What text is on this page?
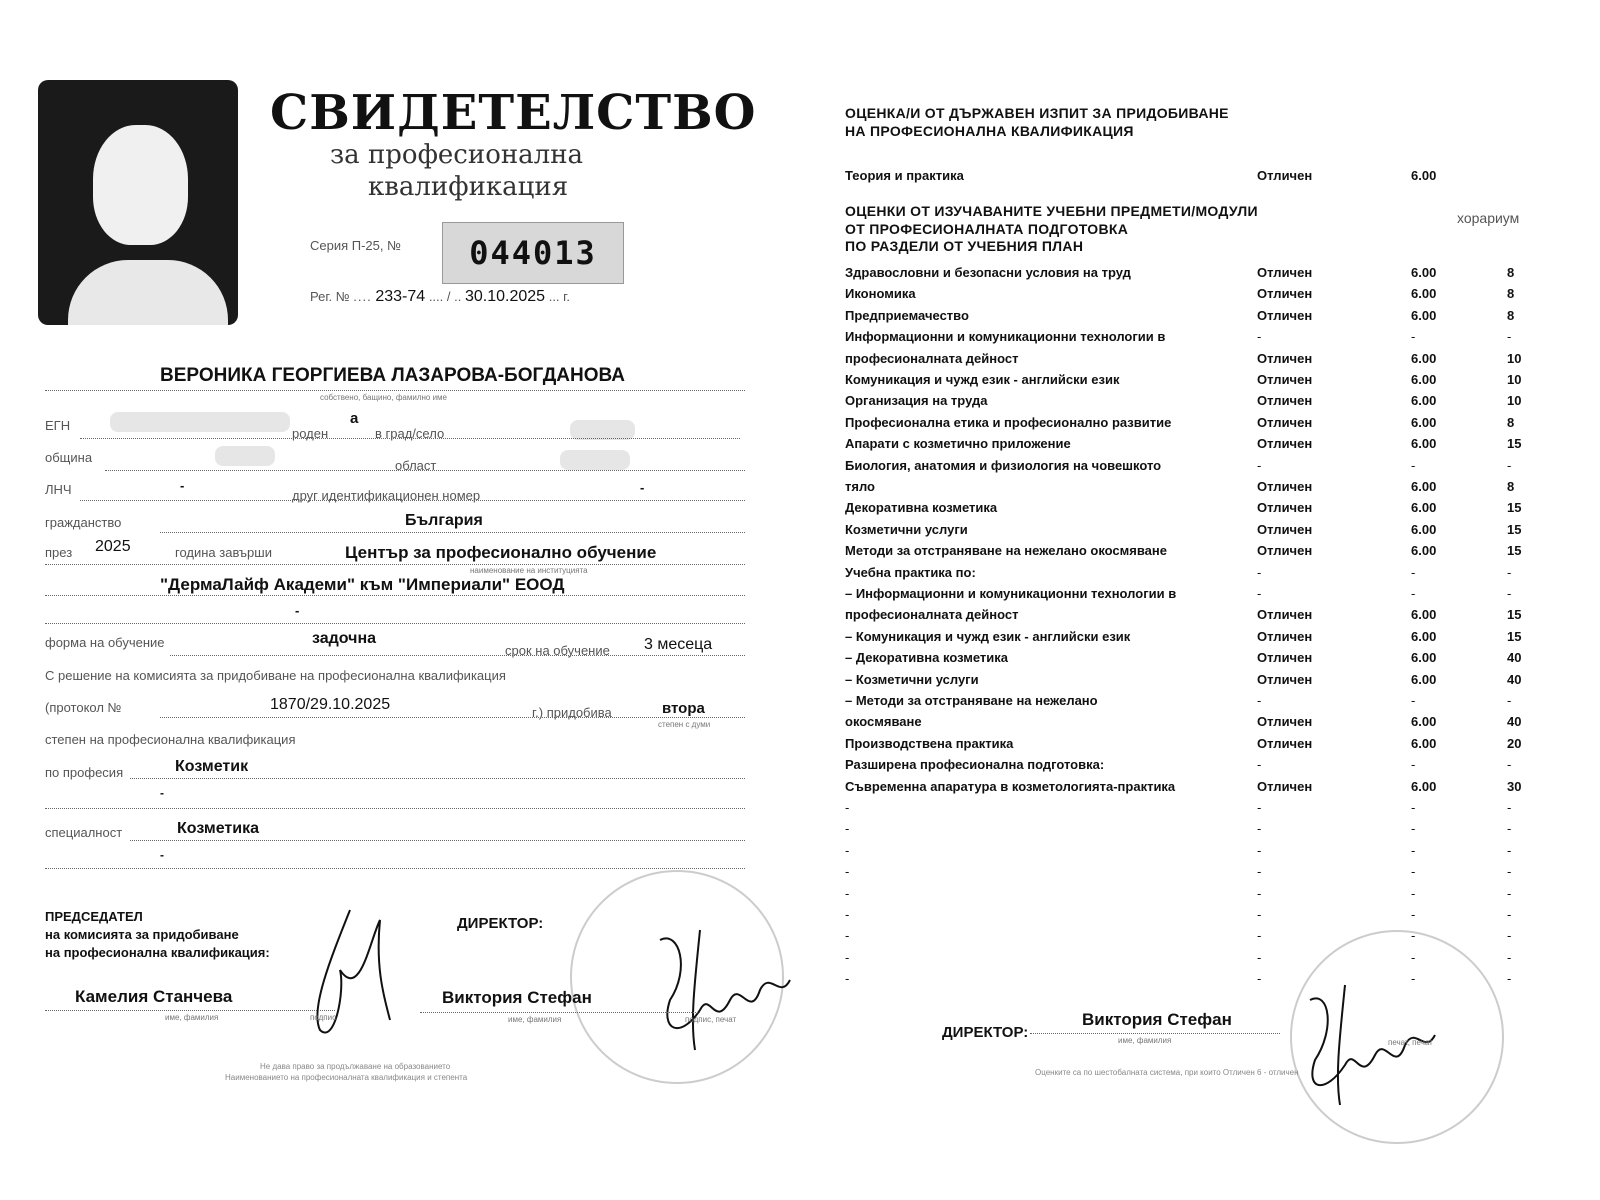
СВИДЕТЕЛСТВО
за професионална
квалификация
Серия П-25, №	044013
Рег. № .... 233-74 .... / .. 30.10.2025 ... г.
ВЕРОНИКА ГЕОРГИЕВА ЛАЗАРОВА-БОГДАНОВА
собствено, бащино, фамилно име
ЕГН	а
роден	в град/село
община
област
ЛНЧ	-
друг идентификационен номер
-
гражданство	България
през 2025	година завърши	Център за професионално обучение
наименование на институцията
"ДермаЛайф Академи" към "Империали" ЕООД
-
форма на обучение	задочна
срок на обучение 3 месеца
С решение на комисията за придобиване на професионална квалификация
(протокол №	1870/29.10.2025	г.) придобива	втора
степен с думи
степен на професионална квалификация
по професия	Козметик
-
специалност	Козметика
-
ПРЕДСЕДАТЕЛ
на комисията за придобиване
на професионална квалификация:
ДИРЕКТОР:
Камелия Станчева
име, фамилия	подпис
Виктория Стефан
име, фамилия	подпис, печат
Не дава право за продължаване на образованието
Наименованието на професионалната квалификация и степента
ОЦЕНКА/И ОТ ДЪРЖАВЕН ИЗПИТ ЗА ПРИДОБИВАНЕ
НА ПРОФЕСИОНАЛНА КВАЛИФИКАЦИЯ
Теория и практика	Отличен	6.00
ОЦЕНКИ ОТ ИЗУЧАВАНИТЕ УЧЕБНИ ПРЕДМЕТИ/МОДУЛИ
ОТ ПРОФЕСИОНАЛНАТА ПОДГОТОВКА
ПО РАЗДЕЛИ ОТ УЧЕБНИЯ ПЛАН
хорариум
Здравословни и безопасни условия на труд	Отличен	6.00	8
Икономика	Отличен	6.00	8
Предприемачество	Отличен	6.00	8
Информационни и комуникационни технологии в	-	-	-
професионалната дейност	Отличен	6.00	10
Комуникация и чужд език - английски език	Отличен	6.00	10
Организация на труда	Отличен	6.00	10
Професионална етика и професионално развитие	Отличен	6.00	8
Апарати с козметично приложение	Отличен	6.00	15
Биология, анатомия и физиология на човешкото	-	-	-
тяло	Отличен	6.00	8
Декоративна козметика	Отличен	6.00	15
Козметични услуги	Отличен	6.00	15
Методи за отстраняване на нежелано окосмяване	Отличен	6.00	15
Учебна практика по:	-	-	-
– Информационни и комуникационни технологии в	-	-	-
професионалната дейност	Отличен	6.00	15
– Комуникация и чужд език - английски език	Отличен	6.00	15
– Декоративна козметика	Отличен	6.00	40
– Козметични услуги	Отличен	6.00	40
– Методи за отстраняване на нежелано	-	-	-
окосмяване	Отличен	6.00	40
Производствена практика	Отличен	6.00	20
Разширена професионална подготовка:	-	-	-
Съвременна апаратура в козметологията-практика	Отличен	6.00	30
-	-	-	-
-	-	-	-
-	-	-	-
-	-	-	-
-	-	-	-
-	-	-	-
-	-	-	-
-	-	-	-
-	-	-	-
ДИРЕКТОР:
Виктория Стефан
име, фамилия	печат, печат
Оценките са по шестобалната система, при които Отличен 6 - отличен
